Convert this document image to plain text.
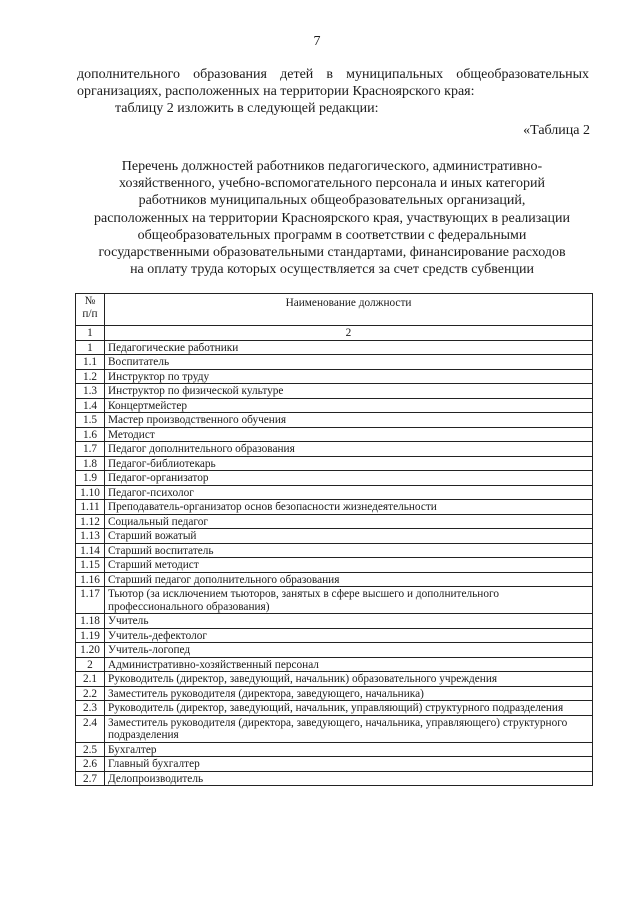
7
дополнительного образования детей в муниципальных общеобразовательных
организациях, расположенных на территории Красноярского края:
таблицу 2 изложить в следующей редакции:
«Таблица 2
Перечень должностей работников педагогического, административно-
хозяйственного, учебно-вспомогательного персонала и иных категорий
работников муниципальных общеобразовательных организаций,
расположенных на территории Красноярского края, участвующих в реализации
общеобразовательных программ в соответствии с федеральными
государственными образовательными стандартами, финансирование расходов
на оплату труда которых осуществляется за счет средств субвенции
№
п/п	Наименование должности
1	2
1	Педагогические работники
1.1	Воспитатель
1.2	Инструктор по труду
1.3	Инструктор по физической культуре
1.4	Концертмейстер
1.5	Мастер производственного обучения
1.6	Методист
1.7	Педагог дополнительного образования
1.8	Педагог-библиотекарь
1.9	Педагог-организатор
1.10	Педагог-психолог
1.11	Преподаватель-организатор основ безопасности жизнедеятельности
1.12	Социальный педагог
1.13	Старший вожатый
1.14	Старший воспитатель
1.15	Старший методист
1.16	Старший педагог дополнительного образования
1.17	Тьютор (за исключением тьюторов, занятых в сфере высшего и дополнительного профессионального образования)
1.18	Учитель
1.19	Учитель-дефектолог
1.20	Учитель-логопед
2	Административно-хозяйственный персонал
2.1	Руководитель (директор, заведующий, начальник) образовательного учреждения
2.2	Заместитель руководителя (директора, заведующего, начальника)
2.3	Руководитель (директор, заведующий, начальник, управляющий) структурного подразделения
2.4	Заместитель руководителя (директора, заведующего, начальника, управляющего) структурного подразделения
2.5	Бухгалтер
2.6	Главный бухгалтер
2.7	Делопроизводитель
